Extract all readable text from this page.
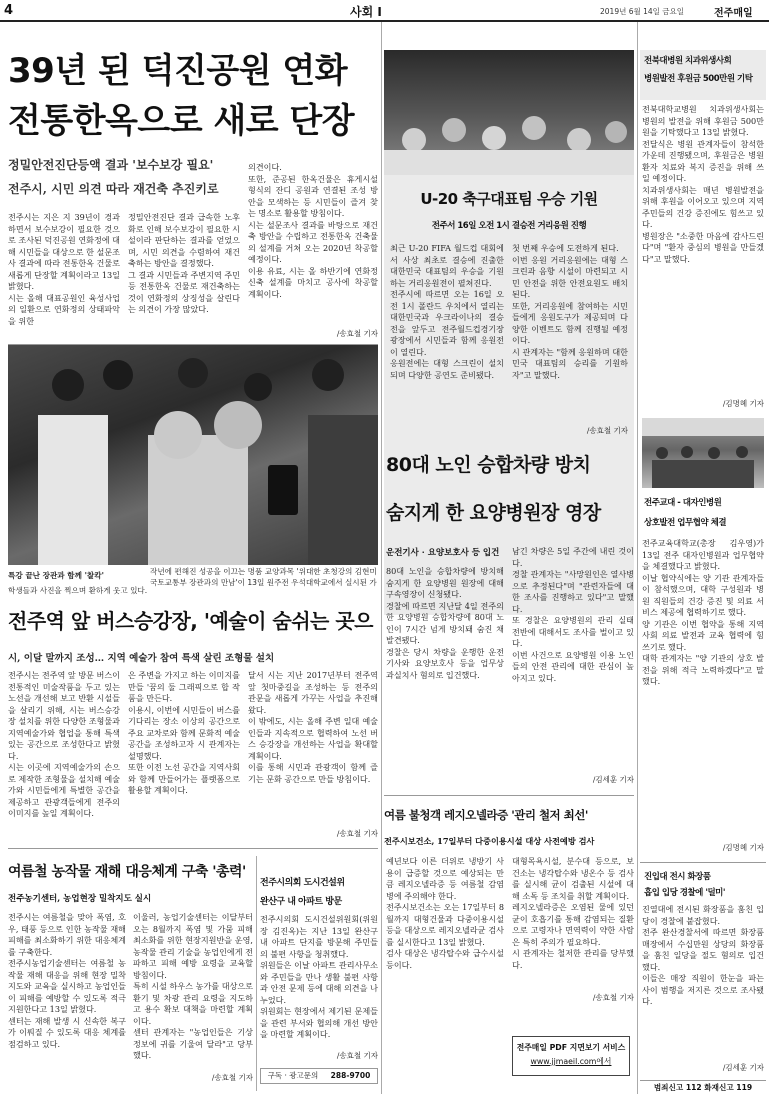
4	사회 I	2019년 6월 14일 금요일	전주매일
39년 된 덕진공원 연화
전통한옥으로 새로 단장
정밀안전진단등액 결과 '보수보강 필요'
전주시, 시민 의견 따라 재건축 추진키로
전주시는 지은 지 39년이 경과하면서 보수보강이 필요한 것으로 조사된 덕진공원 연화정에 대해 시민들을 대상으로 한 설문조사 결과에 따라 전통한옥 건물로 새롭게 단장할 계획이라고 13일 밝혔다.
시는 올해 대표공원인 육성사업의 일환으로 연화정의 상태파악을 위한
정밀안전진단 결과 급속한 노후화로 인해 보수보강이 필요한 시설이라 판단하는 결과를 얻었으며, 시민 의견을 수렴하여 재건축하는 방안을 결정했다.
그 결과 시민들과 주변지역 주민 등 전통한옥 건물로 재건축하는 것이 연화정의 상징성을 살린다는 의견이 가장 많았다.
의견이다.
또한, 준공된 한옥건물은 휴게시설 형식의 잔디 공원과 연결된 조성 방안을 모색하는 등 시민들이 즐겨 찾는 명소로 활용할 방침이다.
시는 설문조사 결과를 바탕으로 재건축 방안을 수립하고 전통한옥 건축물의 설계를 거쳐 오는 2020년 착공할 예정이다.
이용 유료, 시는 올 하반기에 연화정 신축 설계를 마치고 공사에 착공할 계획이다.
/송효철 기자
특강 끝난 장관과 함께 '찰칵'	작년에 편해진 성공을 이끄는 명품 교양과목 '위대한 초청강의 김현미 국토교통부 장관과의 만남'이 13일 원주전 우석대학교에서 실시된 가
학생들과 사진을 찍으며 환하게 웃고 있다.
전주역 앞 버스승강장, '예술이 숨쉬는 곳으
시, 이달 말까지 조성… 지역 예술가 참여 특색 살린 조형물 설치
전주시는 전주역 앞 방문 버스이 전통적인 미술작품을 두고 있는 노선을 개선해 보고 반환 시설들을 살리기 위해, 시는 버스승강장 설치를 위한 다양한 조형물과 지역예술가와 협업을 통해 특색 있는 공간으로 조성한다고 밝혔다.
시는 이곳에 지역예술가의 손으로 제작한 조형물을 설치해 예술가와 시민들에게 특별한 공간을 제공하고 관광객들에게 전주의 이미지를 높일 계획이다.
은 주변을 가지고 하는 이미지를 만들 '꿈의 둘 그래픽으로 합 작품을 만든다.
이용시, 이번에 시민들이 버스를 기다리는 장소 이상의 공간으로 주요 교차로와 함께 문화적 예술 공간을 조성하고자 시 관계자는 설명했다.
또한 이전 노선 공간을 지역사회와 함께 만들어가는 플랫폼으로 활용할 계획이다.
달서 시는 지난 2017년부터 전주역 앞 첫마중길을 조성하는 등 전주의 관문을 새롭게 가꾸는 사업을 추진해왔다.
이 밖에도, 시는 올해 주변 일대 예술인들과 지속적으로 협력하여 노선 버스 승강장을 개선하는 사업을 확대할 계획이다.
이를 통해 시민과 관광객이 함께 즐기는 문화 공간으로 만들 방침이다.
/송효철 기자
여름철 농작물 재해 대응체계 구축 '총력'
전주농기센터, 농업현장 밀착지도 실시
전주시는 여름철을 맞아 폭염, 호우, 태풍 등으로 인한 농작물 재해 피해를 최소화하기 위한 대응체계를 구축한다.
전주시농업기술센터는 여름철 농작물 재해 대응을 위해 현장 밀착 지도와 교육을 실시하고 농업인들이 피해를 예방할 수 있도록 적극 지원한다고 13일 밝혔다.
센터는 재해 발생 시 신속한 복구가 이뤄질 수 있도록 대응 체계를 점검하고 있다.
이울러, 농업기술센터는 이달부터 오는 8월까지 폭염 및 가뭄 피해 최소화를 위한 현장지원반을 운영, 농작물 관리 기술을 농업인에게 전파하고 피해 예방 요령을 교육할 방침이다.
특히 시설 하우스 농가를 대상으로 환기 및 차광 관리 요령을 지도하고 용수 확보 대책을 마련할 계획이다.
센터 관계자는 "농업인들은 기상 정보에 귀를 기울여 달라"고 당부했다.
/송효철 기자
전주시의회 도시건설위
완산구 내 아파트 방문
전주시의회 도시건설위원회(위원장 김진옥)는 지난 13일 완산구 내 아파트 단지를 방문해 주민들의 불편 사항을 청취했다.
위원들은 이날 아파트 관리사무소와 주민들을 만나 생활 불편 사항과 안전 문제 등에 대해 의견을 나누었다.
위원회는 현장에서 제기된 문제들을 관련 부서와 협의해 개선 방안을 마련할 계획이다.
/송효철 기자
구독 · 광고문의 288-9700
U-20 축구대표팀 우승 기원
전주서 16일 오전 1시 결승전 거리응원 진행
최근 U-20 FIFA 월드컵 대회에서 사상 최초로 결승에 진출한 대한민국 대표팀의 우승을 기원하는 거리응원전이 펼쳐진다.
전주시에 따르면 오는 16일 오전 1시 폴란드 우치에서 열리는 대한민국과 우크라이나의 결승전을 앞두고 전주월드컵경기장 광장에서 시민들과 함께 응원전이 열린다.
응원전에는 대형 스크린이 설치되며 다양한 공연도 준비됐다.
첫 번째 우승에 도전하게 된다.
이번 응원 거리응원에는 대형 스크린과 음향 시설이 마련되고 시민 안전을 위한 안전요원도 배치된다.
또한, 거리응원에 참여하는 시민들에게 응원도구가 제공되며 다양한 이벤트도 함께 진행될 예정이다.
시 관계자는 "함께 응원하며 대한민국 대표팀의 승리를 기원하자"고 말했다.
/송효철 기자
80대 노인 승합차량 방치
숨지게 한 요양병원장 영장
운전기사 · 요양보호사 등 입건
80대 노인을 승합차량에 방치해 숨지게 한 요양병원 원장에 대해 구속영장이 신청됐다.
경찰에 따르면 지난달 4일 전주의 한 요양병원 승합차량에 80대 노인이 7시간 넘게 방치돼 숨진 채 발견됐다.
경찰은 당시 차량을 운행한 운전기사와 요양보호사 등을 업무상 과실치사 혐의로 입건했다.
남긴 차량은 5일 주간에 내린 것이다.
경찰 관계자는 "사망원인은 열사병으로 추정된다"며 "관련자들에 대한 조사를 진행하고 있다"고 말했다.
또 경찰은 요양병원의 관리 실태 전반에 대해서도 조사를 벌이고 있다.
이번 사건으로 요양병원 이용 노인들의 안전 관리에 대한 관심이 높아지고 있다.
/김세훈 기자
여름 불청객 레지오넬라증 '관리 철저 최선'
전주시보건소, 17일부터 다중이용시설 대상 사전예방 검사
예년보다 이른 더위로 냉방기 사용이 급증할 것으로 예상되는 만큼 레지오넬라증 등 여름철 감염병에 주의해야 한다.
전주시보건소는 오는 17일부터 8월까지 대형건물과 다중이용시설 등을 대상으로 레지오넬라균 검사를 실시한다고 13일 밝혔다.
검사 대상은 냉각탑수와 급수시설 등이다.
대형목욕시설, 분수대 등으로, 보건소는 냉각탑수와 냉온수 등 검사를 실시해 균이 검출된 시설에 대해 소독 등 조치를 취할 계획이다.
레지오넬라증은 오염된 물에 있던 균이 호흡기를 통해 감염되는 질환으로 고령자나 면역력이 약한 사람은 특히 주의가 필요하다.
시 관계자는 철저한 관리를 당부했다.
/송효철 기자
전주매일 PDF 지면보기 서비스
www.jjmaeil.com에서
전북대병원 치과위생사회
병원발전 후원금 500만원 기탁
전북대학교병원 치과위생사회는 병원의 발전을 위해 후원금 500만원을 기탁했다고 13일 밝혔다.
전달식은 병원 관계자들이 참석한 가운데 진행됐으며, 후원금은 병원 환자 치료와 복지 증진을 위해 쓰일 예정이다.
치과위생사회는 매년 병원발전을 위해 후원을 이어오고 있으며 지역 주민들의 건강 증진에도 힘쓰고 있다.
병원장은 "소중한 마음에 감사드린다"며 "환자 중심의 병원을 만들겠다"고 말했다.
/김명혜 기자
전주교대 - 대자인병원
상호발전 업무협약 체결
전주교육대학교(총장 김우영)가 13일 전주 대자인병원과 업무협약을 체결했다고 밝혔다.
이날 협약식에는 양 기관 관계자들이 참석했으며, 대학 구성원과 병원 직원들의 건강 증진 및 의료 서비스 제공에 협력하기로 했다.
양 기관은 이번 협약을 통해 지역사회 의료 발전과 교육 협력에 힘쓰기로 했다.
대학 관계자는 "양 기관의 상호 발전을 위해 적극 노력하겠다"고 말했다.
/김명혜 기자
진입대 전시 화장품
흡입 입당 경찰에 '덜미'
진열대에 전시된 화장품을 훔친 입당이 경찰에 붙잡혔다.
전주 완산경찰서에 따르면 화장품 매장에서 수십만원 상당의 화장품을 훔친 일당을 절도 혐의로 입건했다.
이들은 매장 직원이 한눈을 파는 사이 범행을 저지른 것으로 조사됐다.
/김세훈 기자
범죄신고 112 화재신고 119
